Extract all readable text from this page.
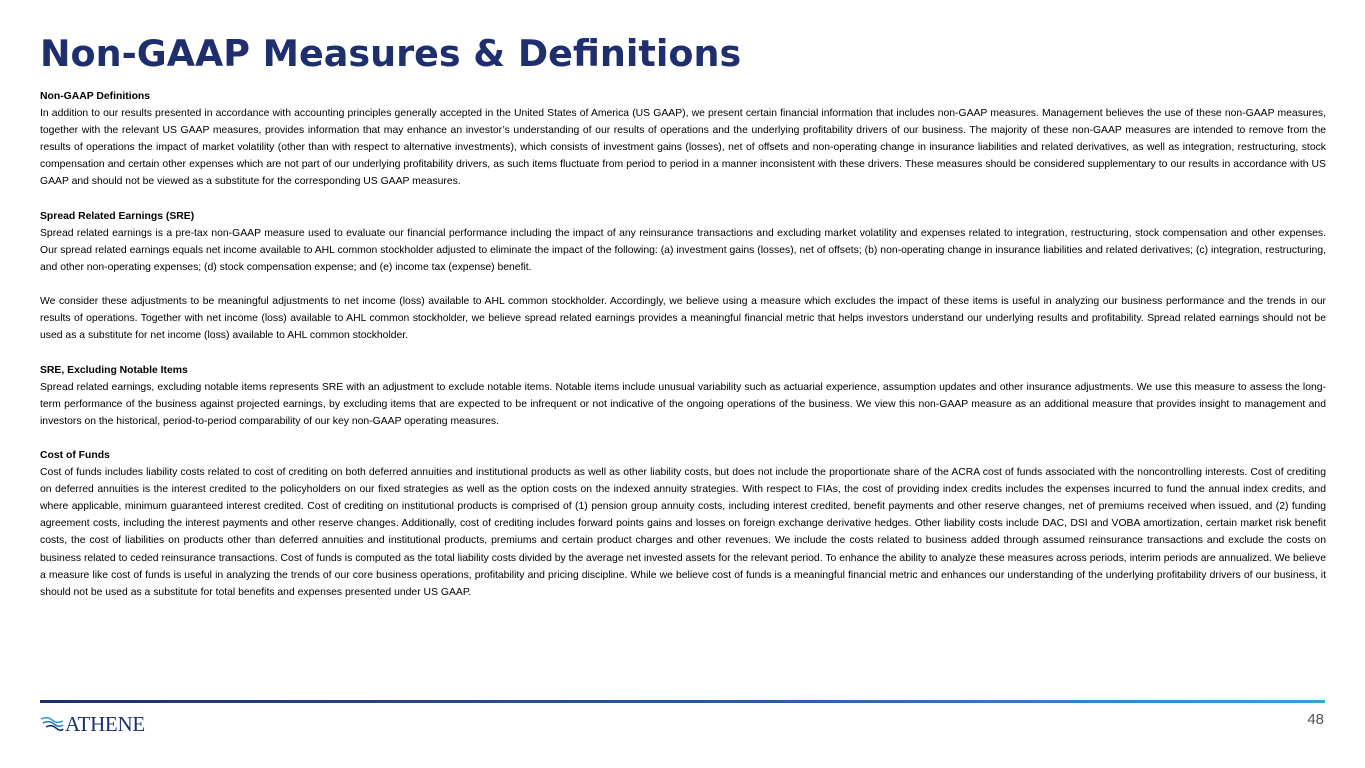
Non-GAAP Measures & Definitions
Non-GAAP Definitions

In addition to our results presented in accordance with accounting principles generally accepted in the United States of America (US GAAP), we present certain financial information that includes non-GAAP measures. Management believes the use of these non-GAAP measures, together with the relevant US GAAP measures, provides information that may enhance an investor’s understanding of our results of operations and the underlying profitability drivers of our business. The majority of these non-GAAP measures are intended to remove from the results of operations the impact of market volatility (other than with respect to alternative investments), which consists of investment gains (losses), net of offsets and non-operating change in insurance liabilities and related derivatives, as well as integration, restructuring, stock compensation and certain other expenses which are not part of our underlying profitability drivers, as such items fluctuate from period to period in a manner inconsistent with these drivers. These measures should be considered supplementary to our results in accordance with US GAAP and should not be viewed as a substitute for the corresponding US GAAP measures.

Spread Related Earnings (SRE)

Spread related earnings is a pre-tax non-GAAP measure used to evaluate our financial performance including the impact of any reinsurance transactions and excluding market volatility and expenses related to integration, restructuring, stock compensation and other expenses. Our spread related earnings equals net income available to AHL common stockholder adjusted to eliminate the impact of the following: (a) investment gains (losses), net of offsets; (b) non-operating change in insurance liabilities and related derivatives; (c) integration, restructuring, and other non-operating expenses; (d) stock compensation expense; and (e) income tax (expense) benefit.

We consider these adjustments to be meaningful adjustments to net income (loss) available to AHL common stockholder. Accordingly, we believe using a measure which excludes the impact of these items is useful in analyzing our business performance and the trends in our results of operations. Together with net income (loss) available to AHL common stockholder, we believe spread related earnings provides a meaningful financial metric that helps investors understand our underlying results and profitability. Spread related earnings should not be used as a substitute for net income (loss) available to AHL common stockholder.

SRE, Excluding Notable Items

Spread related earnings, excluding notable items represents SRE with an adjustment to exclude notable items. Notable items include unusual variability such as actuarial experience, assumption updates and other insurance adjustments. We use this measure to assess the long-term performance of the business against projected earnings, by excluding items that are expected to be infrequent or not indicative of the ongoing operations of the business. We view this non-GAAP measure as an additional measure that provides insight to management and investors on the historical, period-to-period comparability of our key non-GAAP operating measures.

Cost of Funds

Cost of funds includes liability costs related to cost of crediting on both deferred annuities and institutional products as well as other liability costs, but does not include the proportionate share of the ACRA cost of funds associated with the noncontrolling interests. Cost of crediting on deferred annuities is the interest credited to the policyholders on our fixed strategies as well as the option costs on the indexed annuity strategies. With respect to FIAs, the cost of providing index credits includes the expenses incurred to fund the annual index credits, and where applicable, minimum guaranteed interest credited. Cost of crediting on institutional products is comprised of (1) pension group annuity costs, including interest credited, benefit payments and other reserve changes, net of premiums received when issued, and (2) funding agreement costs, including the interest payments and other reserve changes. Additionally, cost of crediting includes forward points gains and losses on foreign exchange derivative hedges. Other liability costs include DAC, DSI and VOBA amortization, certain market risk benefit costs, the cost of liabilities on products other than deferred annuities and institutional products, premiums and certain product charges and other revenues. We include the costs related to business added through assumed reinsurance transactions and exclude the costs on business related to ceded reinsurance transactions. Cost of funds is computed as the total liability costs divided by the average net invested assets for the relevant period. To enhance the ability to analyze these measures across periods, interim periods are annualized. We believe a measure like cost of funds is useful in analyzing the trends of our core business operations, profitability and pricing discipline. While we believe cost of funds is a meaningful financial metric and enhances our understanding of the underlying profitability drivers of our business, it should not be used as a substitute for total benefits and expenses presented under US GAAP.

ATHENE	48
